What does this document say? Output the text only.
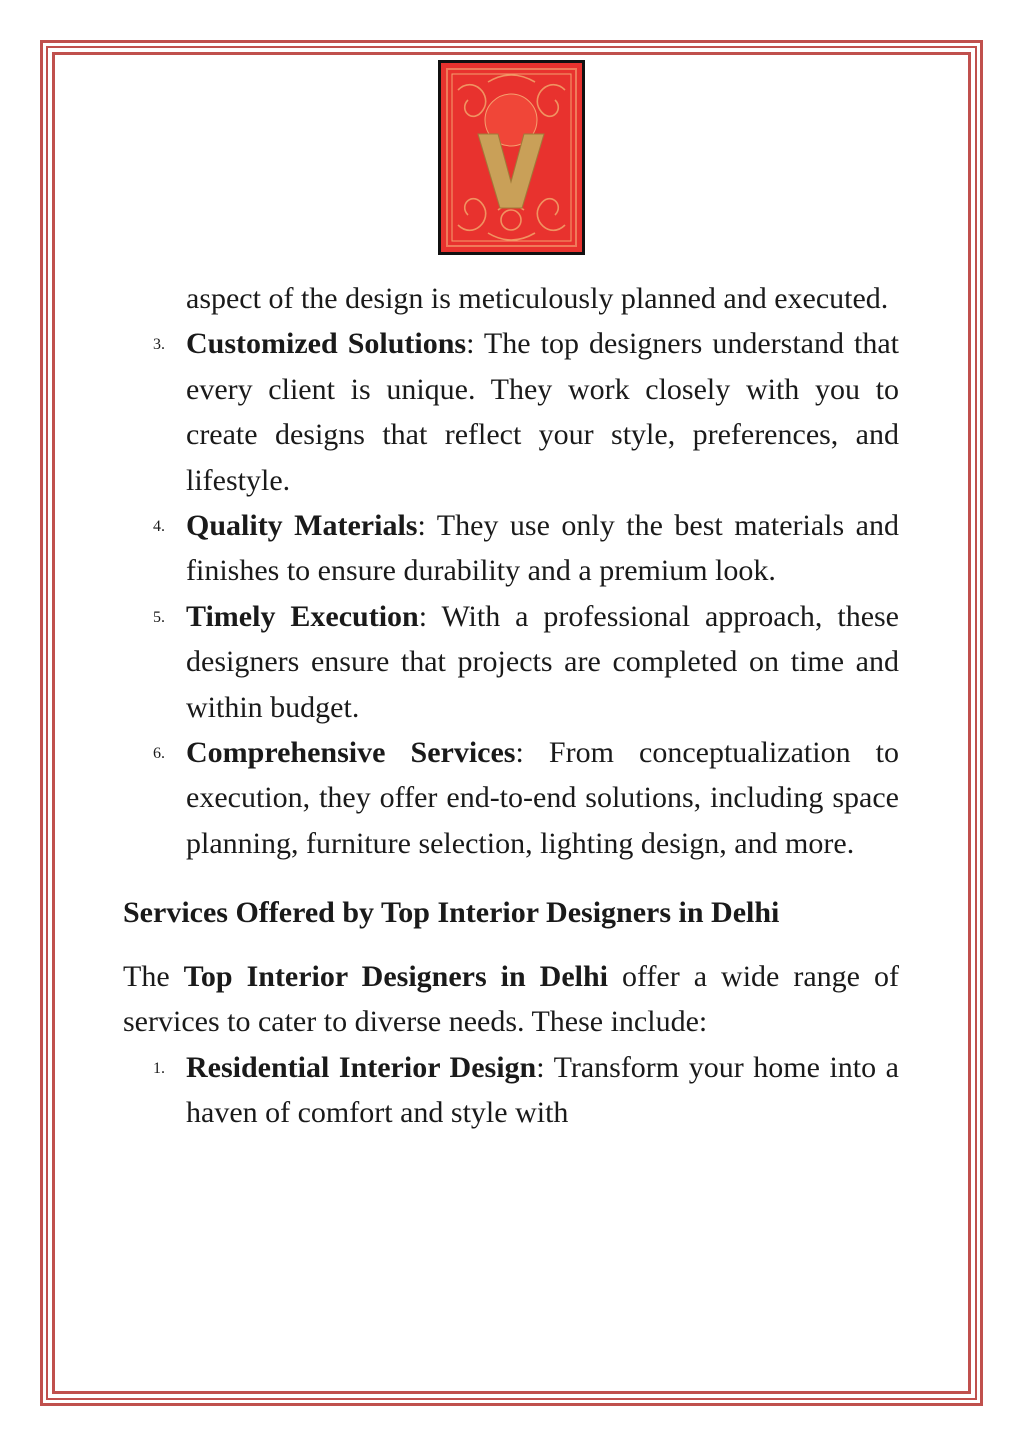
aspect of the design is meticulously planned and executed.
3. Customized Solutions: The top designers understand that every client is unique. They work closely with you to create designs that reflect your style, preferences, and lifestyle.
4. Quality Materials: They use only the best materials and finishes to ensure durability and a premium look.
5. Timely Execution: With a professional approach, these designers ensure that projects are completed on time and within budget.
6. Comprehensive Services: From conceptualization to execution, they offer end-to-end solutions, including space planning, furniture selection, lighting design, and more.
Services Offered by Top Interior Designers in Delhi

The Top Interior Designers in Delhi offer a wide range of services to cater to diverse needs. These include:

1. Residential Interior Design: Transform your home into a haven of comfort and style with
